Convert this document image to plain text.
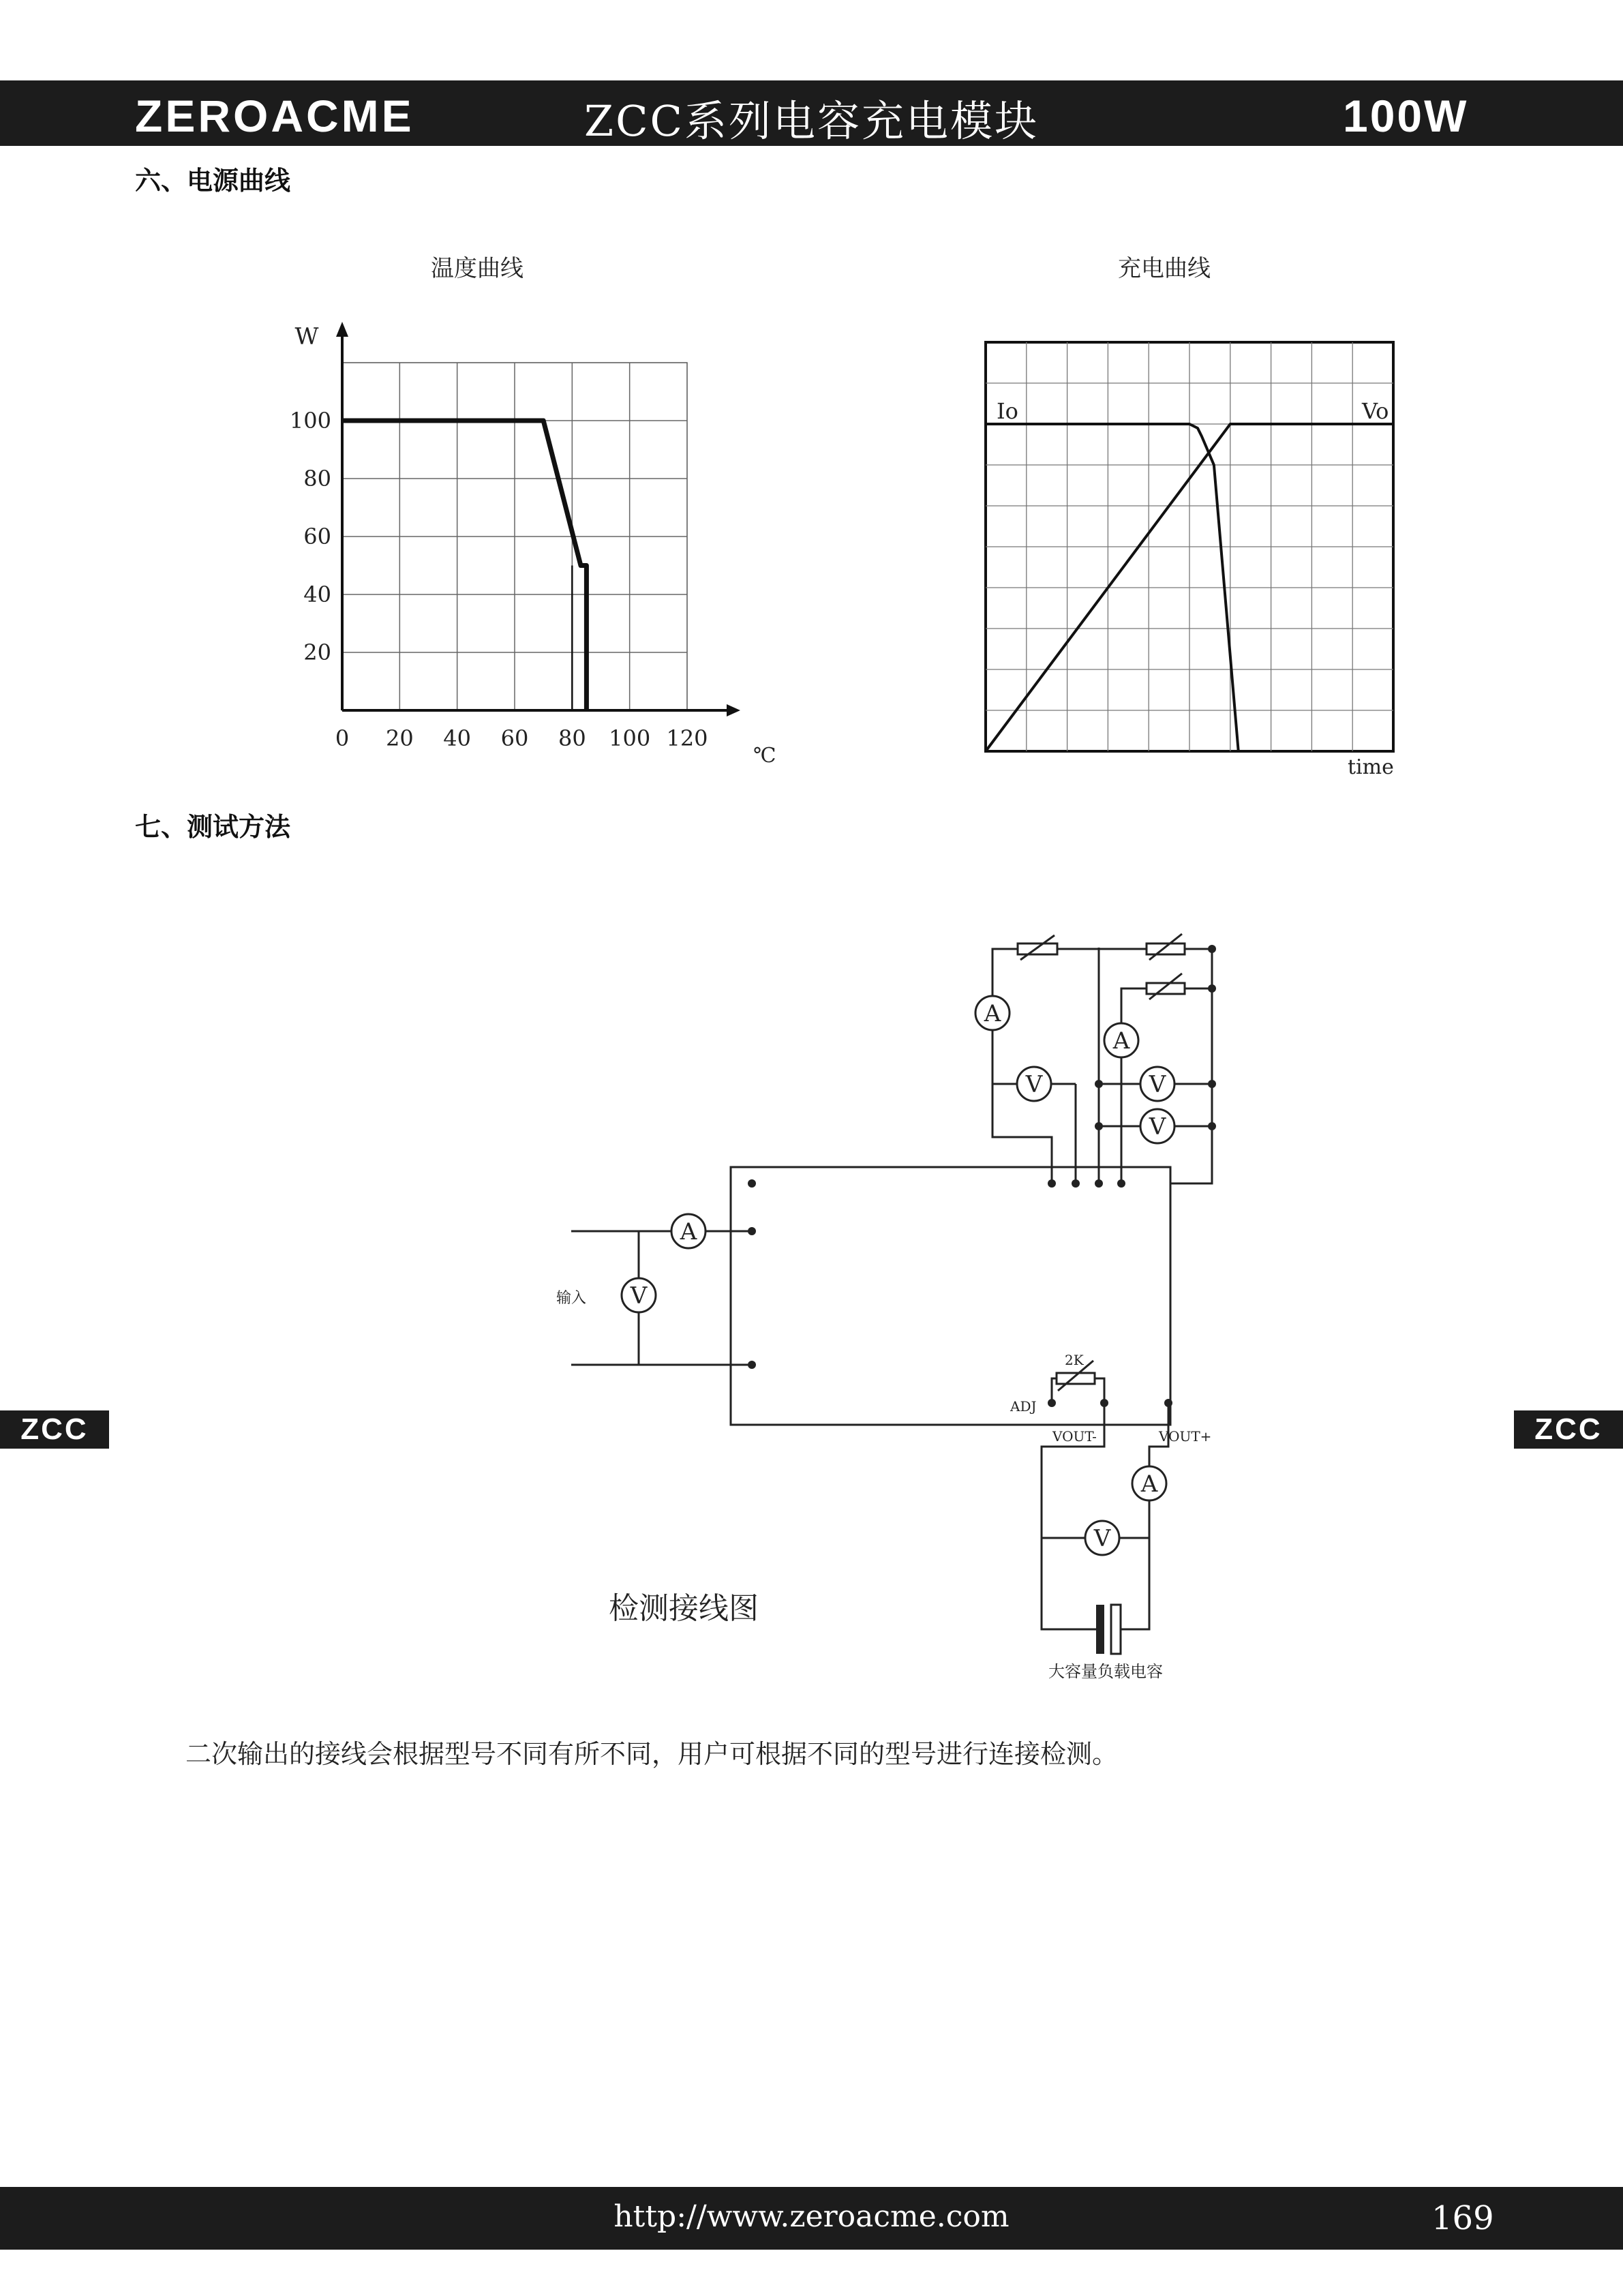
ZEROACME	ZCC系列电容充电模块	100W
六、电源曲线
温度曲线	充电曲线
0 20 40 60 80 100 120
20
40
60
80
100
W
℃
Io	Vo
time
七、测试方法
A
V
输入
A
V
A
V
V
2K
ADJ
VOUT-	VOUT+
A
V
大容量负载电容
检测接线图
ZCC	ZCC
二次输出的接线会根据型号不同有所不同，用户可根据不同的型号进行连接检测。
http://www.zeroacme.com	169
